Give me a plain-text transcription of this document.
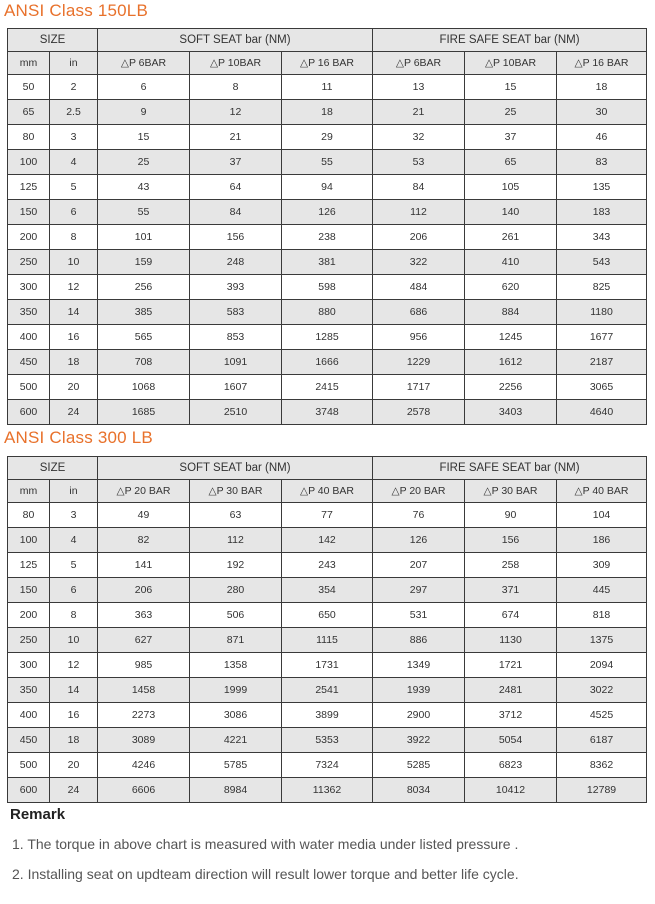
ANSI Class 150LB
SIZE		SOFT SEAT bar (NM)			FIRE SAFE SEAT bar (NM)		
mm	in	△P 6BAR	△P 10BAR	△P 16 BAR	△P 6BAR	△P 10BAR	△P 16 BAR
50	2	6	8	11	13	15	18
65	2.5	9	12	18	21	25	30
80	3	15	21	29	32	37	46
100	4	25	37	55	53	65	83
125	5	43	64	94	84	105	135
150	6	55	84	126	112	140	183
200	8	101	156	238	206	261	343
250	10	159	248	381	322	410	543
300	12	256	393	598	484	620	825
350	14	385	583	880	686	884	1180
400	16	565	853	1285	956	1245	1677
450	18	708	1091	1666	1229	1612	2187
500	20	1068	1607	2415	1717	2256	3065
600	24	1685	2510	3748	2578	3403	4640
ANSI Class 300 LB
SIZE		SOFT SEAT bar (NM)			FIRE SAFE SEAT bar (NM)		
mm	in	△P 20 BAR	△P 30 BAR	△P 40 BAR	△P 20 BAR	△P 30 BAR	△P 40 BAR
80	3	49	63	77	76	90	104
100	4	82	112	142	126	156	186
125	5	141	192	243	207	258	309
150	6	206	280	354	297	371	445
200	8	363	506	650	531	674	818
250	10	627	871	1115	886	1130	1375
300	12	985	1358	1731	1349	1721	2094
350	14	1458	1999	2541	1939	2481	3022
400	16	2273	3086	3899	2900	3712	4525
450	18	3089	4221	5353	3922	5054	6187
500	20	4246	5785	7324	5285	6823	8362
600	24	6606	8984	11362	8034	10412	12789
Remark

1. The torque in above chart is measured with water media under listed pressure .

2. Installing seat on updteam direction will result lower torque and better life cycle.
